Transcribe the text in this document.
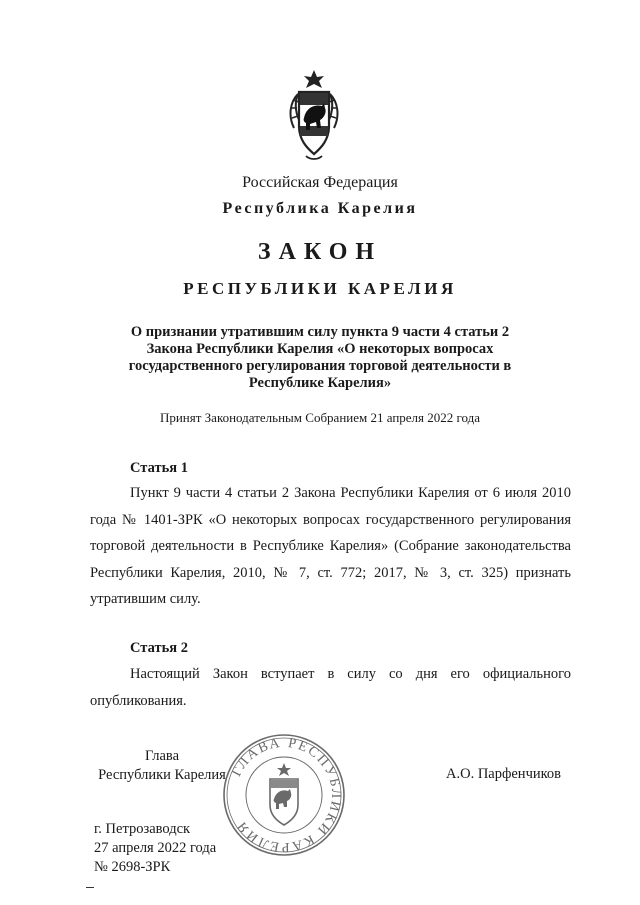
Российская Федерация
Республика Карелия
ЗАКОН
РЕСПУБЛИКИ КАРЕЛИЯ
О признании утратившим силу пункта 9 части 4 статьи 2 Закона Республики Карелия «О некоторых вопросах государственного регулирования торговой деятельности в Республике Карелия»
Принят Законодательным Собранием 21 апреля 2022 года
Статья 1
Пункт 9 части 4 статьи 2 Закона Республики Карелия от 6 июля 2010 года № 1401-ЗРК «О некоторых вопросах государственного регулирования торговой деятельности в Республике Карелия» (Собрание законодательства Республики Карелия, 2010, № 7, ст. 772; 2017, № 3, ст. 325) признать утратившим силу.
Статья 2
Настоящий Закон вступает в силу со дня его официального опубликования.
ГЛАВА РЕСПУБЛИКИ КАРЕЛИЯ
Глава
Республики Карелия	А.О. Парфенчиков
г. Петрозаводск
27 апреля 2022 года
№ 2698-ЗРК
